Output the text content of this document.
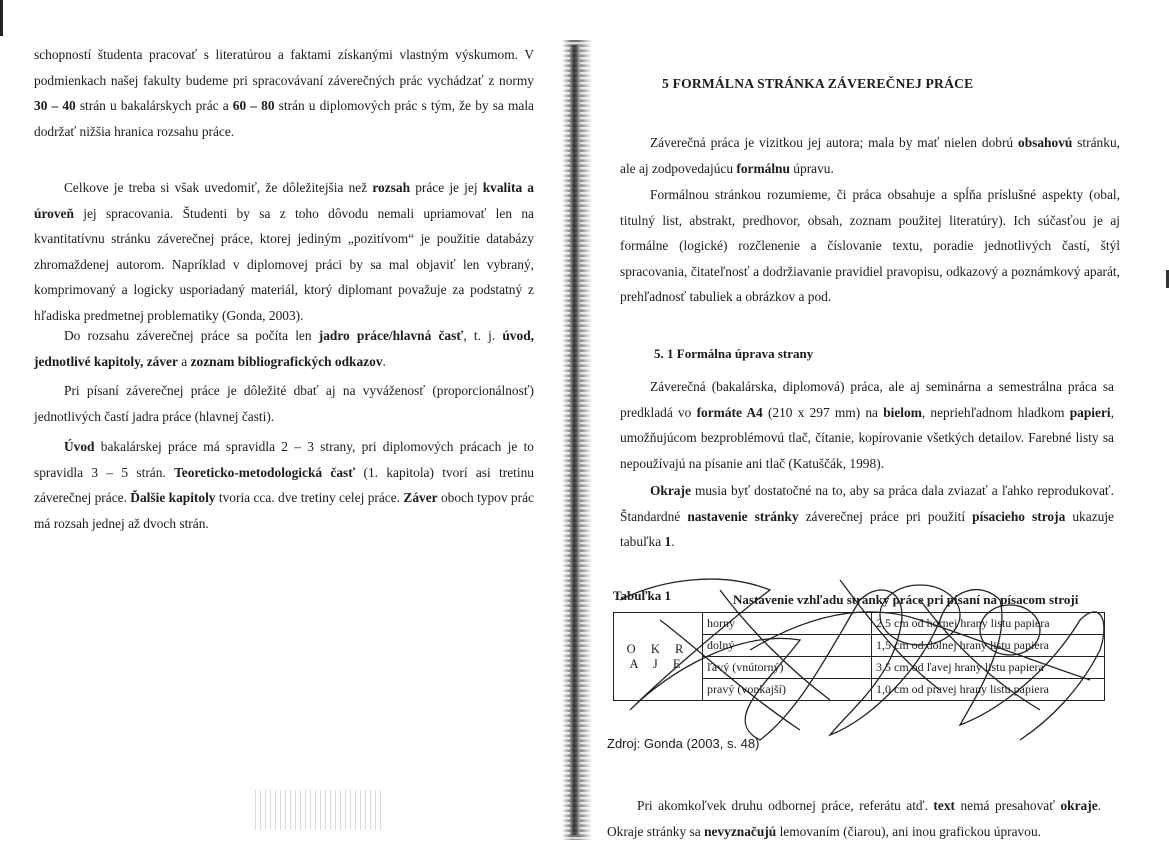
schopností študenta pracovať s literatúrou a faktami získanými vlastným výskumom. V podmienkach našej fakulty budeme pri spracovávaní záverečných prác vychádzať z normy 30 – 40 strán u bakalárskych prác a 60 – 80 strán u diplomových prác s tým, že by sa mala dodržať nižšia hranica rozsahu práce.

Celkove je treba si však uvedomiť, že dôležitejšia než rozsah práce je jej kvalita a úroveň jej spracovania. Študenti by sa z toho dôvodu nemali upriamovať len na kvantitatívnu stránku záverečnej práce, ktorej jediným „pozitívom“ je použitie databázy zhromaždenej autorom. Napríklad v diplomovej práci by sa mal objaviť len vybraný, komprimovaný a logicky usporiadaný materiál, ktorý diplomant považuje za podstatný z hľadiska predmetnej problematiky (Gonda, 2003).

Do rozsahu záverečnej práce sa počíta len jadro práce/hlavná časť, t. j. úvod, jednotlivé kapitoly, záver a zoznam bibliografických odkazov.

Pri písaní záverečnej práce je dôležité dbať aj na vyváženosť (proporcionálnosť) jednotlivých častí jadra práce (hlavnej časti).

Úvod bakalárskej práce má spravidla 2 – 3 strany, pri diplomových prácach je to spravidla 3 – 5 strán. Teoreticko-metodologická časť (1. kapitola) tvorí asi tretinu záverečnej práce. Ďalšie kapitoly tvoria cca. dve tretiny celej práce. Záver oboch typov prác má rozsah jednej až dvoch strán.

5 FORMÁLNA STRÁNKA ZÁVEREČNEJ PRÁCE

Záverečná práca je vizitkou jej autora; mala by mať nielen dobrú obsahovú stránku, ale aj zodpovedajúcu formálnu úpravu.

Formálnou stránkou rozumieme, či práca obsahuje a spĺňa príslušné aspekty (obal, titulný list, abstrakt, predhovor, obsah, zoznam použitej literatúry). Ich súčasťou je aj formálne (logické) rozčlenenie a číslovanie textu, poradie jednotlivých častí, štýl spracovania, čitateľnosť a dodržiavanie pravidiel pravopisu, odkazový a poznámkový aparát, prehľadnosť tabuliek a obrázkov a pod.

5. 1 Formálna úprava strany

Záverečná (bakalárska, diplomová) práca, ale aj seminárna a semestrálna práca sa predkladá vo formáte A4 (210 x 297 mm) na bielom, nepriehľadnom hladkom papieri, umožňujúcom bezproblémovú tlač, čítanie, kopírovanie všetkých detailov. Farebné listy sa nepoužívajú na písanie ani tlač (Katuščák, 1998).

Okraje musia byť dostatočné na to, aby sa práca dala zviazať a ľahko reprodukovať. Štandardné nastavenie stránky záverečnej práce pri použití písacieho stroja ukazuje tabuľka 1.

Tabuľka 1	Nastavenie vzhľadu stránky práce pri písaní na písacom stroji
O K R A J E	horný	2,5 cm od hornej hrany listu papiera
	dolný	1,5 cm od dolnej hrany listu papiera
	ľavý (vnútorný)	3,5 cm od ľavej hrany listu papiera
	pravý (vonkajší)	1,0 cm od pravej hrany listu papiera
Zdroj: Gonda (2003, s. 48)

Pri akomkoľvek druhu odbornej práce, referátu atď. text nemá presahovať okraje. Okraje stránky sa nevyznačujú lemovaním (čiarou), ani inou grafickou úpravou.
